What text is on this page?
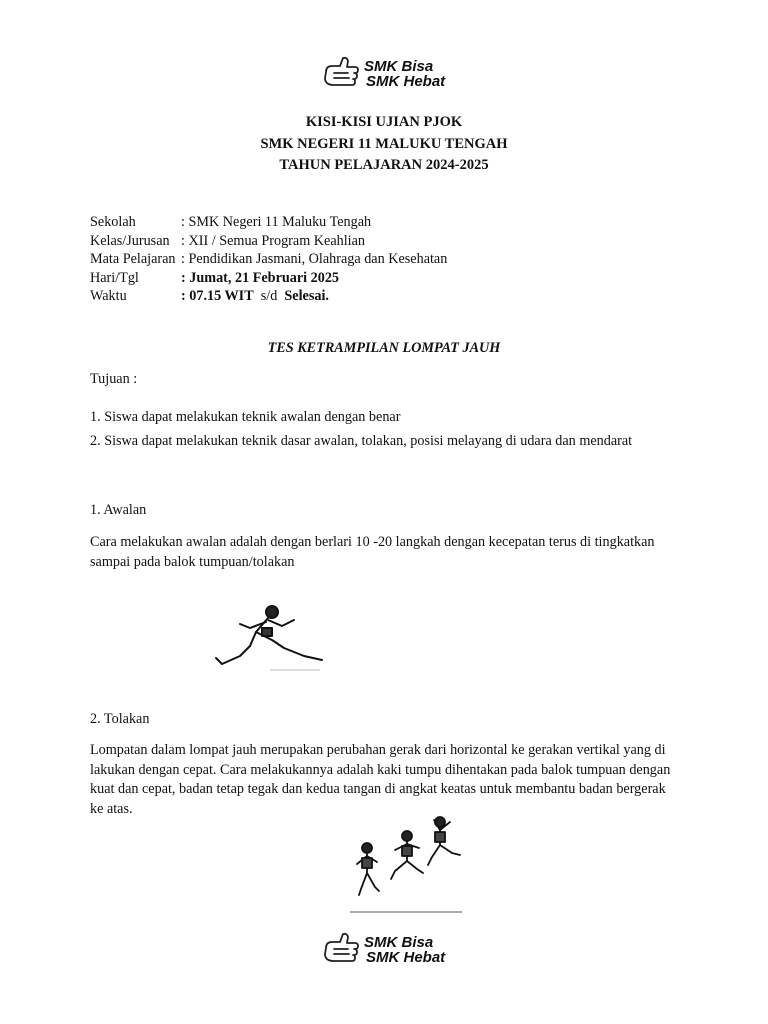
SMK Bisa
SMK Hebat
KISI-KISI UJIAN PJOK
SMK NEGERI 11 MALUKU TENGAH
TAHUN PELAJARAN 2024-2025
Sekolah	: SMK Negeri 11 Maluku Tengah
Kelas/Jurusan : XII / Semua Program Keahlian
Mata Pelajaran : Pendidikan Jasmani, Olahraga dan Kesehatan
Hari/Tgl	: Jumat, 21 Februari 2025
Waktu	: 07.15 WIT  s/d  Selesai.
TES KETRAMPILAN LOMPAT JAUH
Tujuan :
1. Siswa dapat melakukan teknik awalan dengan benar
2. Siswa dapat melakukan teknik dasar awalan, tolakan, posisi melayang di udara dan mendarat
1. Awalan
Cara melakukan awalan adalah dengan berlari 10 -20 langkah dengan kecepatan terus di tingkatkan sampai pada balok tumpuan/tolakan
2. Tolakan
Lompatan dalam lompat jauh merupakan perubahan gerak dari horizontal ke gerakan vertikal yang di lakukan dengan cepat. Cara melakukannya adalah kaki tumpu dihentakan pada balok tumpuan dengan kuat dan cepat, badan tetap tegak dan kedua tangan di angkat keatas untuk membantu badan bergerak ke atas.
SMK Bisa
SMK Hebat
